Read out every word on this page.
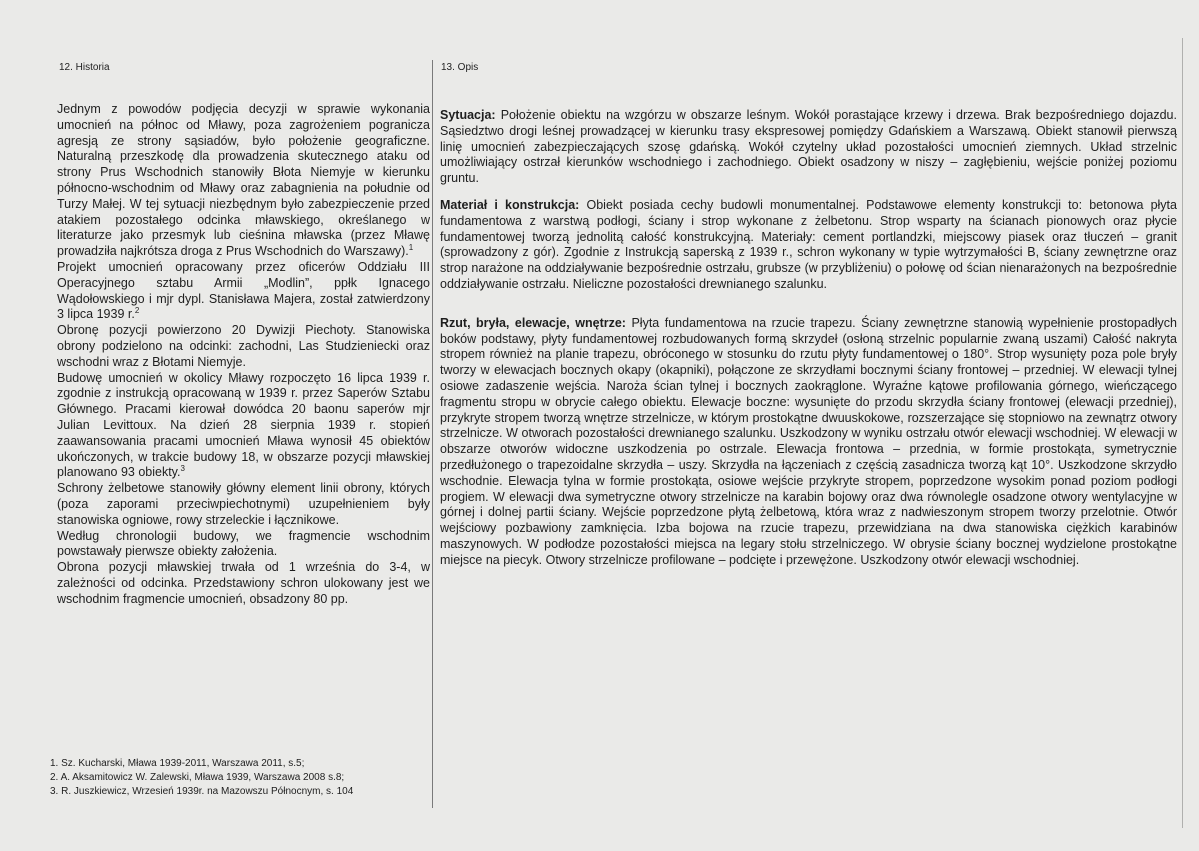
12. Historia	13. Opis

Jednym z powodów podjęcia decyzji w sprawie wykonania umocnień na północ od Mławy, poza zagrożeniem pogranicza agresją ze strony sąsiadów, było położenie geograficzne. Naturalną przeszkodę dla prowadzenia skutecznego ataku od strony Prus Wschodnich stanowiły Błota Niemyje w kierunku północno-wschodnim od Mławy oraz zabagnienia na południe od Turzy Małej. W tej sytuacji niezbędnym było zabezpieczenie przed atakiem pozostałego odcinka mławskiego, określanego w literaturze jako przesmyk lub cieśnina mławska (przez Mławę prowadziła najkrótsza droga z Prus Wschodnich do Warszawy).$^1$

Projekt umocnień opracowany przez oficerów Oddziału III Operacyjnego sztabu Armii „Modlin”, ppłk Ignacego Wądołowskiego i mjr dypl. Stanisława Majera, został zatwierdzony 3 lipca 1939 r.$^2$

Obronę pozycji powierzono 20 Dywizji Piechoty. Stanowiska obrony podzielono na odcinki: zachodni, Las Studzieniecki oraz wschodni wraz z Błotami Niemyje.

Budowę umocnień w okolicy Mławy rozpoczęto 16 lipca 1939 r. zgodnie z instrukcją opracowaną w 1939 r. przez Saperów Sztabu Głównego. Pracami kierował dowódca 20 baonu saperów mjr Julian Levittoux. Na dzień 28 sierpnia 1939 r. stopień zaawansowania pracami umocnień Mława wynosił 45 obiektów ukończonych, w trakcie budowy 18, w obszarze pozycji mławskiej planowano 93 obiekty.$^3$

Schrony żelbetowe stanowiły główny element linii obrony, których (poza zaporami przeciwpiechotnymi) uzupełnieniem były stanowiska ogniowe, rowy strzeleckie i łącznikowe.

Według chronologii budowy, we fragmencie wschodnim powstawały pierwsze obiekty założenia.

Obrona pozycji mławskiej trwała od 1 września do 3-4, w zależności od odcinka. Przedstawiony schron ulokowany jest we wschodnim fragmencie umocnień, obsadzony 80 pp.

Sytuacja: Położenie obiektu na wzgórzu w obszarze leśnym. Wokół porastające krzewy i drzewa. Brak bezpośredniego dojazdu. Sąsiedztwo drogi leśnej prowadzącej w kierunku trasy ekspresowej pomiędzy Gdańskiem a Warszawą. Obiekt stanowił pierwszą linię umocnień zabezpieczających szosę gdańską. Wokół czytelny układ pozostałości umocnień ziemnych. Układ strzelnic umożliwiający ostrzał kierunków wschodniego i zachodniego. Obiekt osadzony w niszy – zagłębieniu, wejście poniżej poziomu gruntu.

Materiał i konstrukcja: Obiekt posiada cechy budowli monumentalnej. Podstawowe elementy konstrukcji to: betonowa płyta fundamentowa z warstwą podłogi, ściany i strop wykonane z żelbetonu. Strop wsparty na ścianach pionowych oraz płycie fundamentowej tworzą jednolitą całość konstrukcyjną. Materiały: cement portlandzki, miejscowy piasek oraz tłuczeń – granit (sprowadzony z gór). Zgodnie z Instrukcją saperską z 1939 r., schron wykonany w typie wytrzymałości B, ściany zewnętrzne oraz strop narażone na oddziaływanie bezpośrednie ostrzału, grubsze (w przybliżeniu) o połowę od ścian nienarażonych na bezpośrednie oddziaływanie ostrzału. Nieliczne pozostałości drewnianego szalunku.

Rzut, bryła, elewacje, wnętrze: Płyta fundamentowa na rzucie trapezu. Ściany zewnętrzne stanowią wypełnienie prostopadłych boków podstawy, płyty fundamentowej rozbudowanych formą skrzydeł (osłoną strzelnic popularnie zwaną uszami) Całość nakryta stropem również na planie trapezu, obróconego w stosunku do rzutu płyty fundamentowej o 180°. Strop wysunięty poza pole bryły tworzy w elewacjach bocznych okapy (okapniki), połączone ze skrzydłami bocznymi ściany frontowej – przedniej. W elewacji tylnej osiowe zadaszenie wejścia. Naroża ścian tylnej i bocznych zaokrąglone. Wyraźne kątowe profilowania górnego, wieńczącego fragmentu stropu w obrycie całego obiektu. Elewacje boczne: wysunięte do przodu skrzydła ściany frontowej (elewacji przedniej), przykryte stropem tworzą wnętrze strzelnicze, w którym prostokątne dwuuskokowe, rozszerzające się stopniowo na zewnątrz otwory strzelnicze. W otworach pozostałości drewnianego szalunku. Uszkodzony w wyniku ostrzału otwór elewacji wschodniej. W elewacji w obszarze otworów widoczne uszkodzenia po ostrzale. Elewacja frontowa – przednia, w formie prostokąta, symetrycznie przedłużonego o trapezoidalne skrzydła – uszy. Skrzydła na łączeniach z częścią zasadnicza tworzą kąt 10°. Uszkodzone skrzydło wschodnie. Elewacja tylna w formie prostokąta, osiowe wejście przykryte stropem, poprzedzone wysokim ponad poziom podłogi progiem. W elewacji dwa symetryczne otwory strzelnicze na karabin bojowy oraz dwa równolegle osadzone otwory wentylacyjne w górnej i dolnej partii ściany. Wejście poprzedzone płytą żelbetową, która wraz z nadwieszonym stropem tworzy przelotnie. Otwór wejściowy pozbawiony zamknięcia. Izba bojowa na rzucie trapezu, przewidziana na dwa stanowiska ciężkich karabinów maszynowych. W podłodze pozostałości miejsca na legary stołu strzelniczego. W obrysie ściany bocznej wydzielone prostokątne miejsce na piecyk. Otwory strzelnicze profilowane – podcięte i przewężone. Uszkodzony otwór elewacji wschodniej.

1. Sz. Kucharski, Mława 1939-2011, Warszawa 2011, s.5;

2. A. Aksamitowicz W. Zalewski, Mława 1939, Warszawa 2008 s.8;

3. R. Juszkiewicz, Wrzesień 1939r. na Mazowszu Północnym, s. 104
